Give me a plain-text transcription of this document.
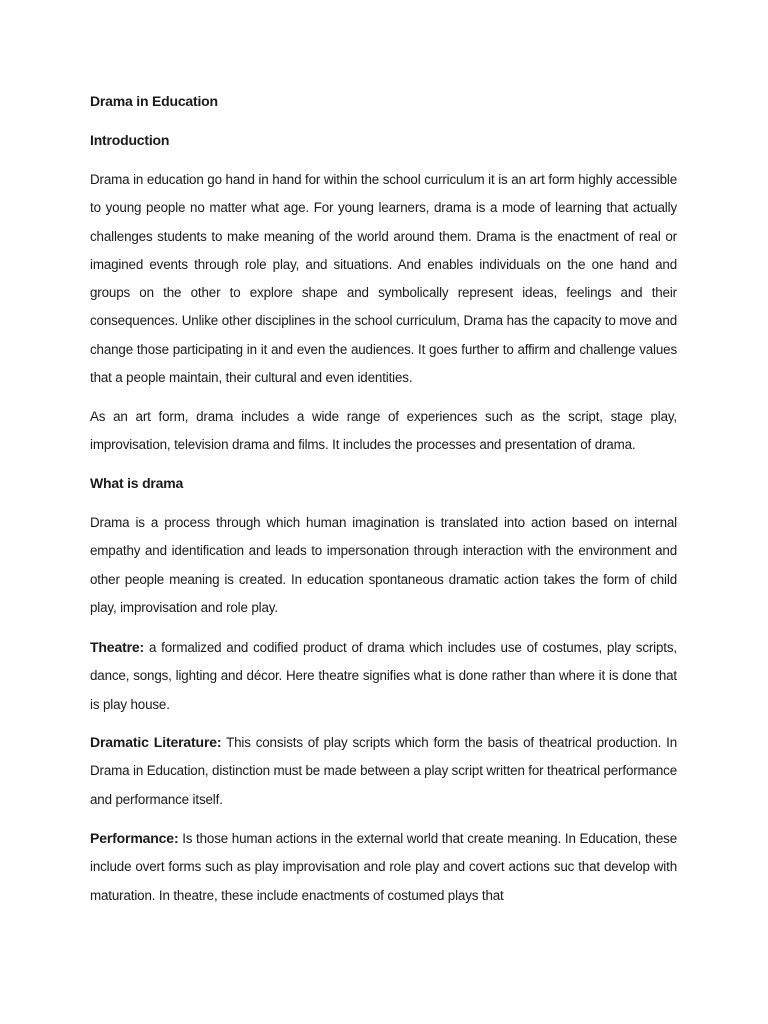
Drama in Education
Introduction

Drama in education go hand in hand for within the school curriculum it is an art form highly accessible to young people no matter what age. For young learners, drama is a mode of learning that actually challenges students to make meaning of the world around them. Drama is the enactment of real or imagined events through role play, and situations. And enables individuals on the one hand and groups on the other to explore shape and symbolically represent ideas, feelings and their consequences. Unlike other disciplines in the school curriculum, Drama has the capacity to move and change those participating in it and even the audiences. It goes further to affirm and challenge values that a people maintain, their cultural and even identities.

As an art form, drama includes a wide range of experiences such as the script, stage play, improvisation, television drama and films. It includes the processes and presentation of drama.

What is drama

Drama is a process through which human imagination is translated into action based on internal empathy and identification and leads to impersonation through interaction with the environment and other people meaning is created. In education spontaneous dramatic action takes the form of child play, improvisation and role play.

Theatre: a formalized and codified product of drama which includes use of costumes, play scripts, dance, songs, lighting and décor. Here theatre signifies what is done rather than where it is done that is play house.

Dramatic Literature: This consists of play scripts which form the basis of theatrical production. In Drama in Education, distinction must be made between a play script written for theatrical performance and performance itself.

Performance: Is those human actions in the external world that create meaning. In Education, these include overt forms such as play improvisation and role play and covert actions suc that develop with maturation. In theatre, these include enactments of costumed plays that
